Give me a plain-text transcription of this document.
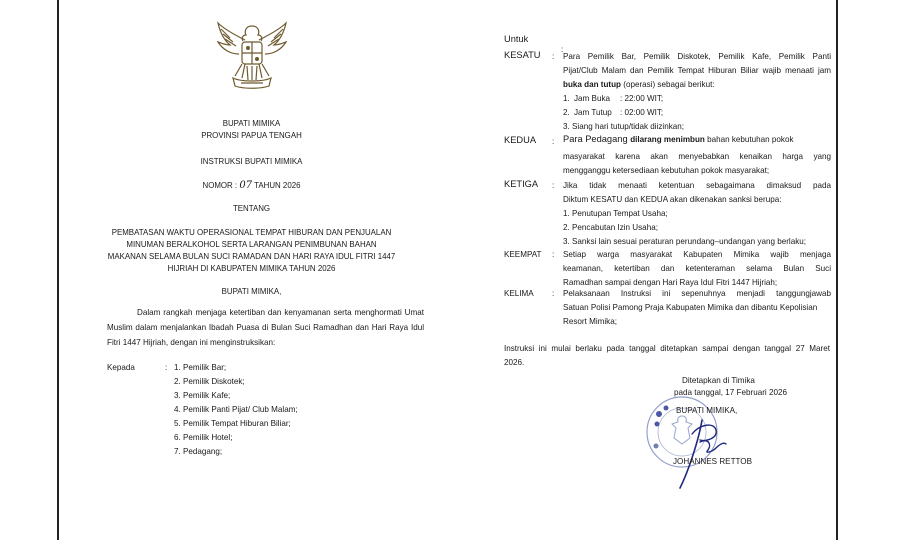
BUPATI MIMIKA
PROVINSI PAPUA TENGAH
INSTRUKSI BUPATI MIMIKA
NOMOR : 07 TAHUN 2026
TENTANG
PEMBATASAN WAKTU OPERASIONAL TEMPAT HIBURAN DAN PENJUALAN
MINUMAN BERALKOHOL SERTA LARANGAN PENIMBUNAN BAHAN
MAKANAN SELAMA BULAN SUCI RAMADAN DAN HARI RAYA IDUL FITRI 1447
HIJRIAH DI KABUPATEN MIMIKA TAHUN 2026
BUPATI MIMIKA,
Dalam rangkah menjaga ketertiban dan kenyamanan serta menghormati Umat
Muslim dalam menjalankan Ibadah Puasa di Bulan Suci Ramadhan dan Hari Raya Idul
Fitri 1447 Hijriah, dengan ini menginstruksikan:
Kepada	: 1. Pemilik Bar;
2. Pemilik Diskotek;
3. Pemilik Kafe;
4. Pemilik Panti Pijat/ Club Malam;
5. Pemilik Tempat Hiburan Biliar;
6. Pemilik Hotel;
7. Pedagang;
Untuk
:
KESATU : Para Pemilik Bar, Pemilik Diskotek, Pemilik Kafe, Pemilik Panti
Pijat/Club Malam dan Pemilik Tempat Hiburan Biliar wajib menaati jam
buka dan tutup (operasi) sebagai berikut:
1. Jam Buka : 22:00 WIT;
2. Jam Tutup : 02:00 WIT;
3. Siang hari tutup/tidak diizinkan;
KEDUA : Para Pedagang dilarang menimbun bahan kebutuhan pokok
masyarakat karena akan menyebabkan kenaikan harga yang
mengganggu ketersediaan kebutuhan pokok masyarakat;
KETIGA : Jika tidak menaati ketentuan sebagaimana dimaksud pada
Diktum KESATU dan KEDUA akan dikenakan sanksi berupa:
1. Penutupan Tempat Usaha;
2. Pencabutan Izin Usaha;
3. Sanksi lain sesuai peraturan perundang–undangan yang berlaku;
KEEMPAT : Setiap warga masyarakat Kabupaten Mimika wajib menjaga
keamanan, ketertiban dan ketenteraman selama Bulan Suci
Ramadhan sampai dengan Hari Raya Idul Fitri 1447 Hijriah;
KELIMA : Pelaksanaan Instruksi ini sepenuhnya menjadi tanggungjawab
Satuan Polisi Pamong Praja Kabupaten Mimika dan dibantu Kepolisian
Resort Mimika;
Instruksi ini mulai berlaku pada tanggal ditetapkan sampai dengan tanggal 27 Maret
2026.
Ditetapkan di Timika
pada tanggal, 17 Februari 2026
BUPATI MIMIKA,
JOHANNES RETTOB
